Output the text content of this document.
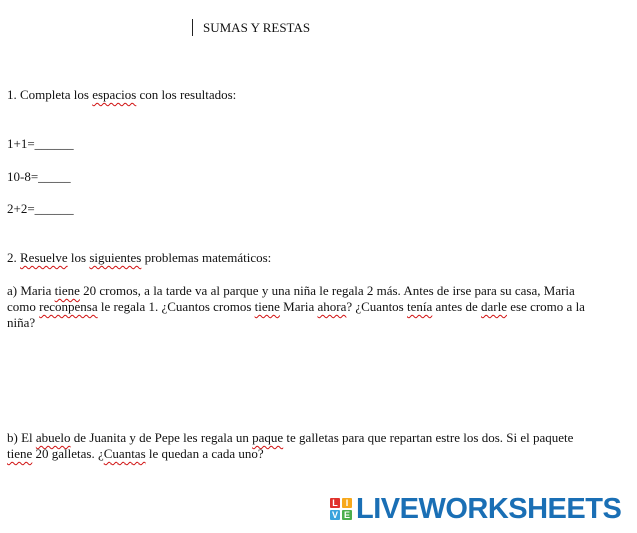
SUMAS Y RESTAS
1. Completa los espacios con los resultados:
1+1=______
10-8=_____
2+2=______
2. Resuelve los siguientes problemas matemáticos:
a) Maria tiene 20 cromos, a la tarde va al parque y una niña le regala 2 más. Antes de irse para su casa, Maria como reconpensa le regala 1. ¿Cuantos cromos tiene Maria ahora? ¿Cuantos tenía antes de darle ese cromo a la niña?
b) El abuelo de Juanita y de Pepe les regala un paque te galletas para que repartan estre los dos. Si el paquete tiene 20 galletas. ¿Cuantas le quedan a cada uno?
L I
V E LIVEWORKSHEETS
